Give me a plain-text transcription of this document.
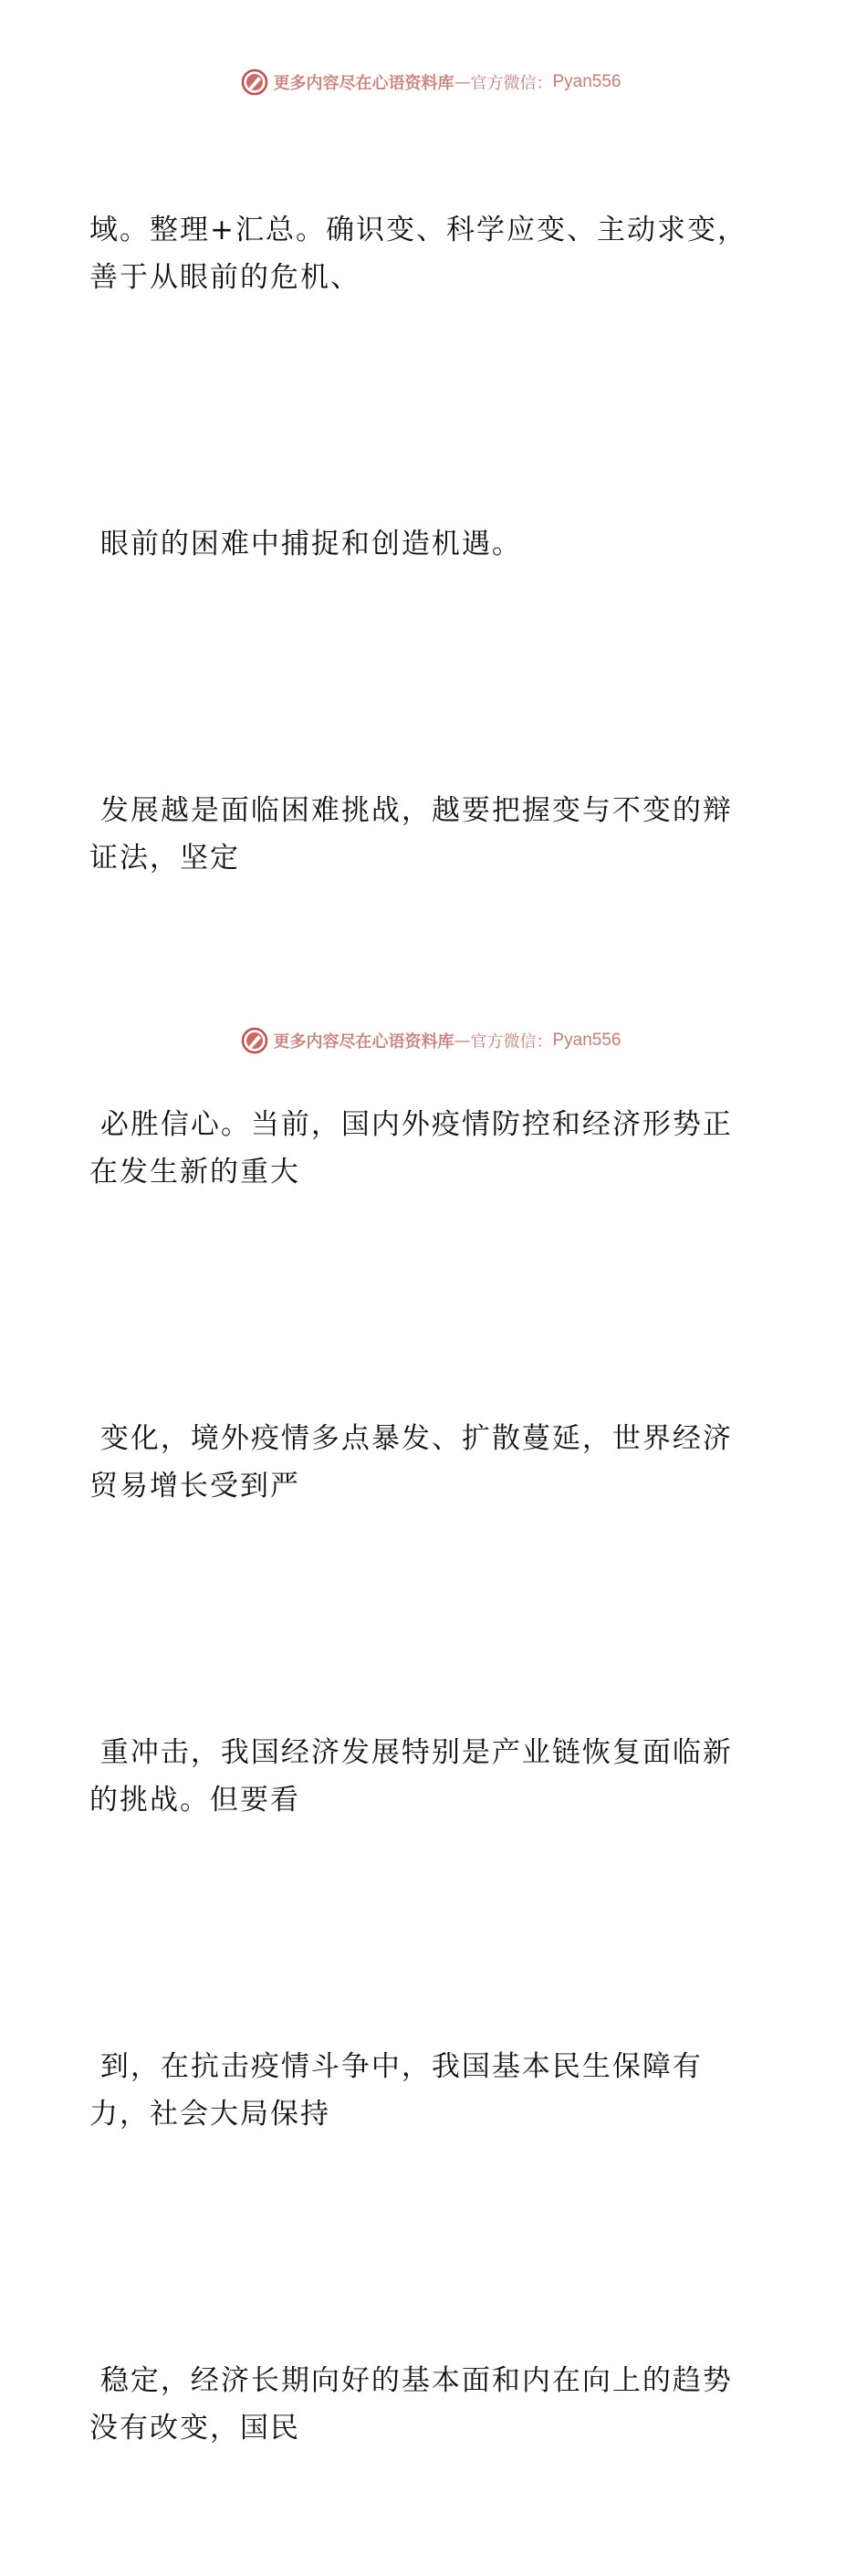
更多内容尽在心语资料库 — 官方微信： Pyan556

域。整理+汇总。确识变、科学应变、主动求变，
善于从眼前的危机、

眼前的困难中捕捉和创造机遇。

发展越是面临困难挑战，越要把握变与不变的辩
证法，坚定

必胜信心。当前，国内外疫情防控和经济形势正
在发生新的重大

变化，境外疫情多点暴发、扩散蔓延，世界经济
贸易增长受到严

重冲击，我国经济发展特别是产业链恢复面临新
的挑战。但要看

到，在抗击疫情斗争中，我国基本民生保障有
力，社会大局保持

稳定，经济长期向好的基本面和内在向上的趋势
没有改变，国民

更多内容尽在心语资料库 — 官方微信： Pyan556
